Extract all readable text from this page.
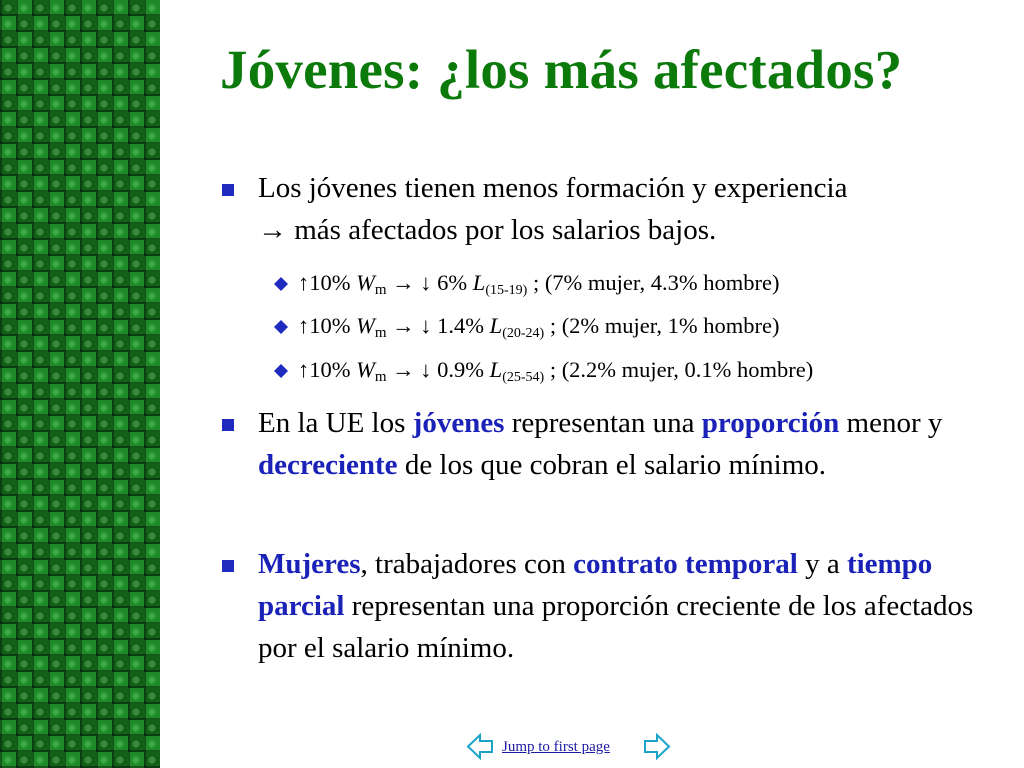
Jóvenes: ¿los más afectados?
Los jóvenes tienen menos formación y experiencia
→ más afectados por los salarios bajos.
↑10% Wm → ↓ 6% L(15-19) ; (7% mujer, 4.3% hombre)
↑10% Wm → ↓ 1.4% L(20-24) ; (2% mujer, 1% hombre)
↑10% Wm → ↓ 0.9% L(25-54) ; (2.2% mujer, 0.1% hombre)
En la UE los jóvenes representan una proporción menor y decreciente de los que cobran el salario mínimo.
Mujeres, trabajadores con contrato temporal y a tiempo parcial representan una proporción creciente de los afectados por el salario mínimo.
Jump to first page
